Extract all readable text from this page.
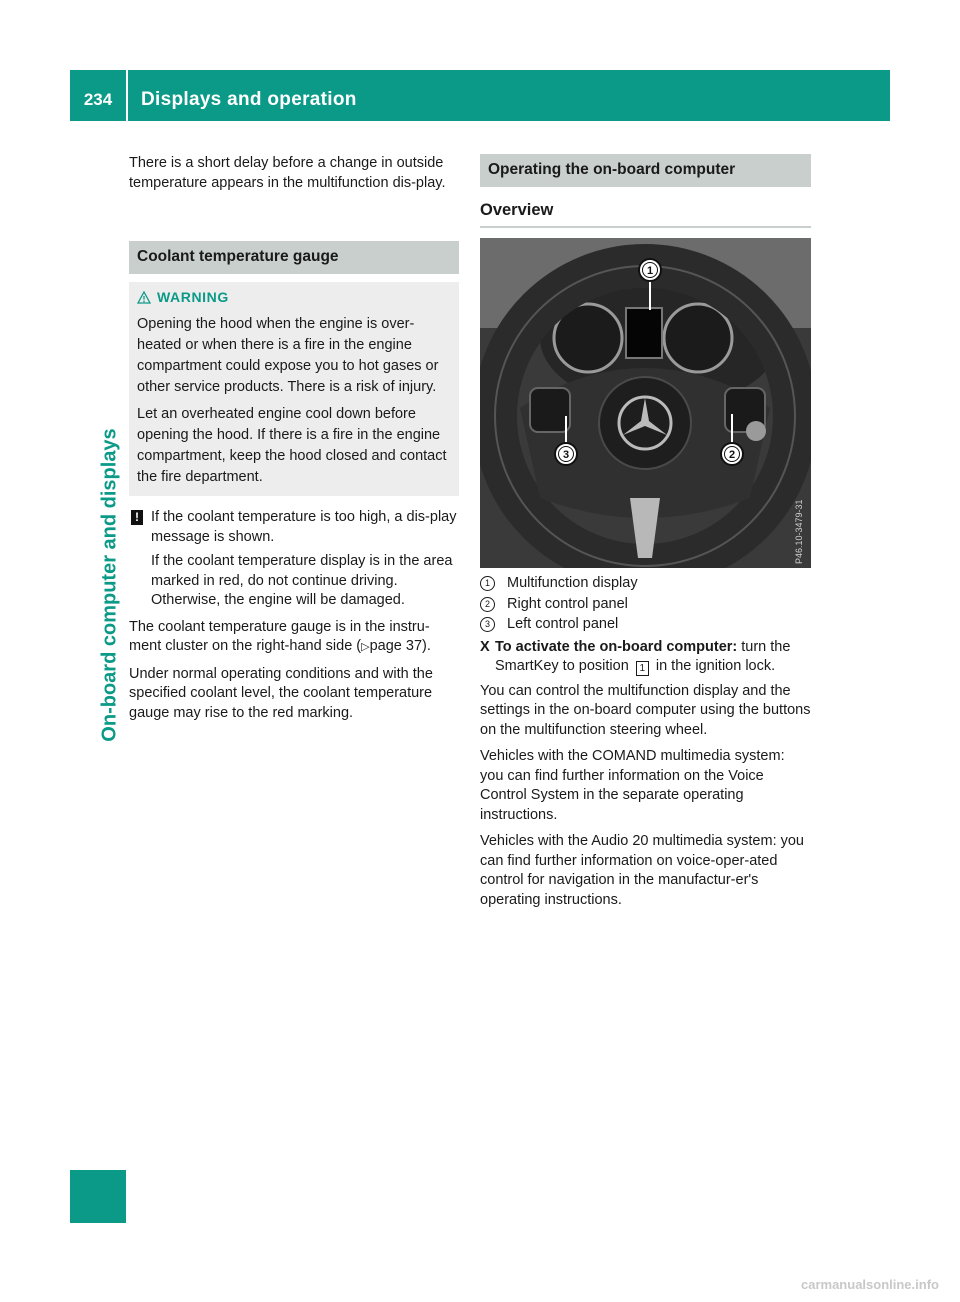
234	Displays and operation
On-board computer and displays

There is a short delay before a change in outside temperature appears in the multifunction dis-play.

Coolant temperature gauge
WARNING

Opening the hood when the engine is over-heated or when there is a fire in the engine compartment could expose you to hot gases or other service products. There is a risk of injury.

Let an overheated engine cool down before opening the hood. If there is a fire in the engine compartment, keep the hood closed and contact the fire department.

! If the coolant temperature is too high, a dis-play message is shown.

If the coolant temperature display is in the area marked in red, do not continue driving. Otherwise, the engine will be damaged.

The coolant temperature gauge is in the instru-ment cluster on the right-hand side (▷page 37).

Under normal operating conditions and with the specified coolant level, the coolant temperature gauge may rise to the red marking.

Operating the on-board computer
Overview
1
2
3
P46.10-3479-31
1	Multifunction display
2	Right control panel
3	Left control panel
X To activate the on-board computer: turn the SmartKey to position 1 in the ignition lock.

You can control the multifunction display and the settings in the on-board computer using the buttons on the multifunction steering wheel.

Vehicles with the COMAND multimedia system: you can find further information on the Voice Control System in the separate operating instructions.

Vehicles with the Audio 20 multimedia system: you can find further information on voice-oper-ated control for navigation in the manufactur-er's operating instructions.

carmanualsonline.info
